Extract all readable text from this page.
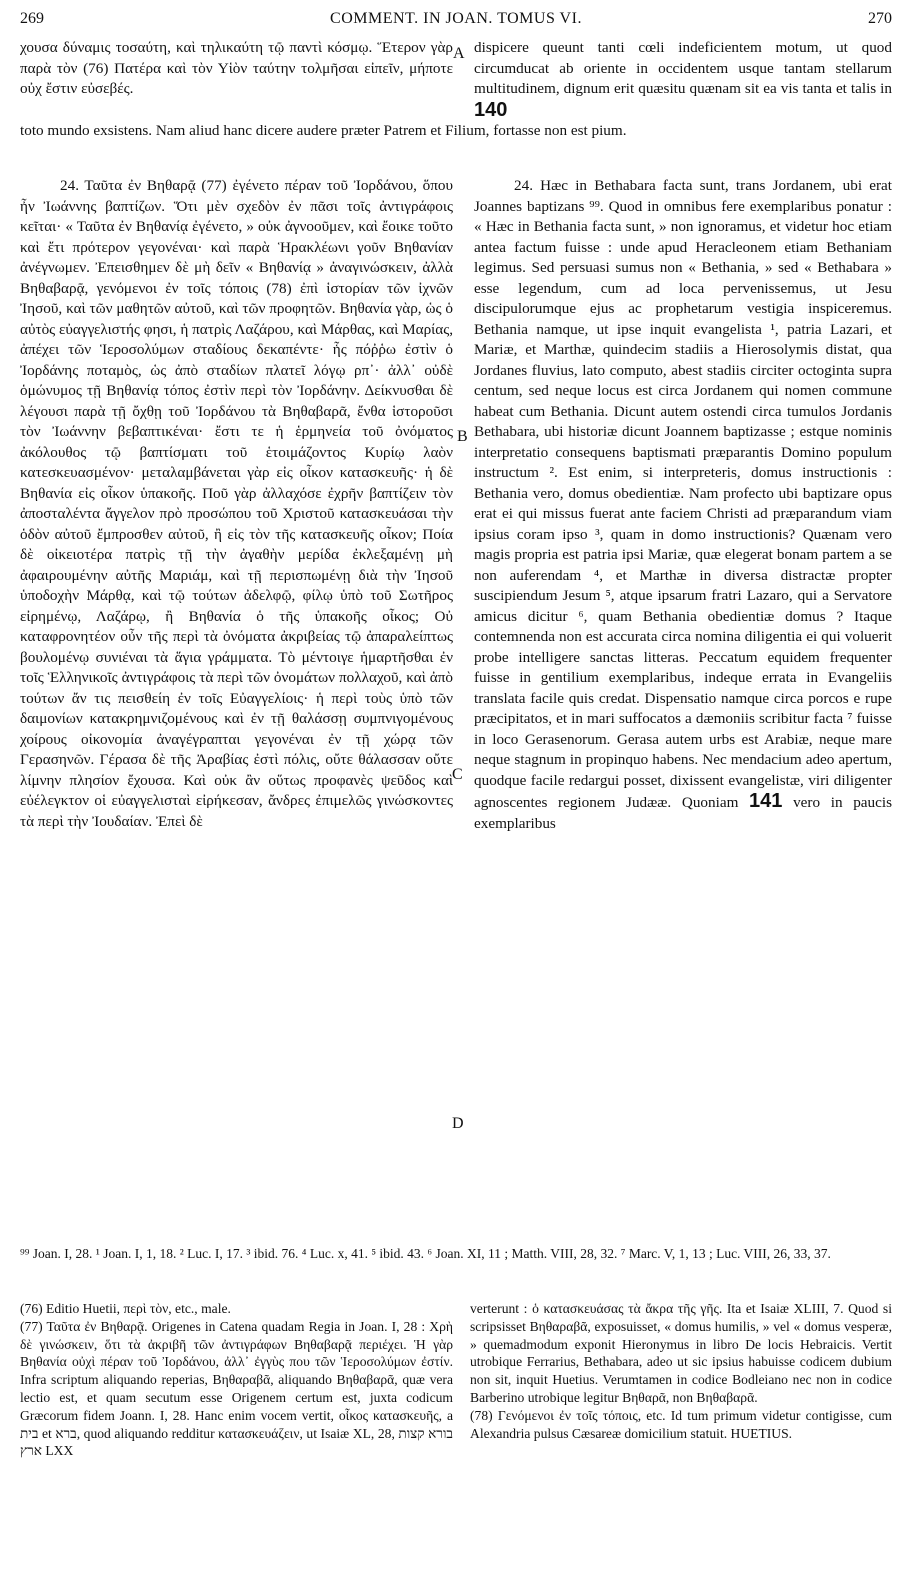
269	COMMENT. IN JOAN. TOMUS VI.	270

χουσα δύναμις τοσαύτη, καὶ τηλικαύτη τῷ παντὶ κόσμῳ. Ἕτερον γὰρ παρὰ τὸν (76) Πατέρα καὶ τὸν Υἱὸν ταύτην τολμῆσαι εἰπεῖν, μήποτε οὐχ ἔστιν εὐσεβές.

A dispicere queunt tanti cœli indeficientem motum, ut quod circumducat ab oriente in occidentem usque tantam stellarum multitudinem, dignum erit quæsitu quænam sit ea vis tanta et talis in 140

toto mundo exsistens. Nam aliud hanc dicere audere præter Patrem et Filium, fortasse non est pium.

24. Ταῦτα ἐν Βηθαρᾷ (77) ἐγένετο πέραν τοῦ Ἰορδάνου, ὅπου ἦν Ἰωάννης βαπτίζων. Ὅτι μὲν σχεδὸν ἐν πᾶσι τοῖς ἀντιγράφοις κεῖται· « Ταῦτα ἐν Βηθανίᾳ ἐγένετο, » οὐκ ἀγνοοῦμεν, καὶ ἔοικε τοῦτο καὶ ἔτι πρότερον γεγονέναι· καὶ παρὰ Ἡρακλέωνι γοῦν Βηθανίαν ἀνέγνωμεν. Ἐπεισθημεν δὲ μὴ δεῖν « Βηθανίᾳ » ἀναγινώσκειν, ἀλλὰ Βηθαβαρᾷ, γενόμενοι ἐν τοῖς τόποις (78) ἐπὶ ἱστορίαν τῶν ἰχνῶν Ἰησοῦ, καὶ τῶν μαθητῶν αὐτοῦ, καὶ τῶν προφητῶν. Βηθανία γὰρ, ὡς ὁ αὐτὸς εὐαγγελιστής φησι, ἡ πατρὶς Λαζάρου, καὶ Μάρθας, καὶ Μαρίας, ἀπέχει τῶν Ἱεροσολύμων σταδίους δεκαπέντε· ἧς πόῤῥω ἐστὶν ὁ Ἰορδάνης ποταμὸς, ὡς ἀπὸ σταδίων πλατεῖ λόγῳ ρπ᾽· ἀλλ᾽ οὐδὲ ὁμώνυμος τῇ Βηθανίᾳ τόπος ἐστὶν περὶ τὸν Ἰορδάνην. Δείκνυσθαι δὲ λέγουσι παρὰ τῇ ὄχθῃ τοῦ Ἰορδάνου τὰ Βηθαβαρᾶ, ἔνθα ἱστοροῦσι τὸν Ἰωάννην βεβαπτικέναι· ἔστι τε ἡ ἑρμηνεία τοῦ ὀνόματος ἀκόλουθος τῷ βαπτίσματι τοῦ ἑτοιμάζοντος Κυρίῳ λαὸν κατεσκευασμένον· μεταλαμβάνεται γὰρ εἰς οἶκον κατασκευῆς· ἡ δὲ Βηθανία εἰς οἶκον ὑπακοῆς. Ποῦ γὰρ ἀλλαχόσε ἐχρῆν βαπτίζειν τὸν ἀποσταλέντα ἄγγελον πρὸ προσώπου τοῦ Χριστοῦ κατασκευάσαι τὴν ὁδὸν αὐτοῦ ἔμπροσθεν αὐτοῦ, ἢ εἰς τὸν τῆς κατασκευῆς οἶκον; Ποία δὲ οἰκειοτέρα πατρὶς τῇ τὴν ἀγαθὴν μερίδα ἐκλεξαμένῃ μὴ ἀφαιρουμένην αὐτῆς Μαριάμ, καὶ τῇ περισπωμένῃ διὰ τὴν Ἰησοῦ ὑποδοχὴν Μάρθᾳ, καὶ τῷ τούτων ἀδελφῷ, φίλῳ ὑπὸ τοῦ Σωτῆρος εἰρημένῳ, Λαζάρῳ, ἢ Βηθανία ὁ τῆς ὑπακοῆς οἶκος; Οὐ καταφρονητέον οὖν τῆς περὶ τὰ ὀνόματα ἀκριβείας τῷ ἀπαραλείπτως βουλομένῳ συνιέναι τὰ ἅγια γράμματα. Τὸ μέντοιγε ἡμαρτῆσθαι ἐν τοῖς Ἑλληνικοῖς ἀντιγράφοις τὰ περὶ τῶν ὀνομάτων πολλαχοῦ, καὶ ἀπὸ τούτων ἄν τις πεισθείη ἐν τοῖς Εὐαγγελίοις· ἡ περὶ τοὺς ὑπὸ τῶν δαιμονίων κατακρημνιζομένους καὶ ἐν τῇ θαλάσσῃ συμπνιγομένους χοίρους οἰκονομία ἀναγέγραπται γεγονέναι ἐν τῇ χώρᾳ τῶν Γερασηνῶν. Γέρασα δὲ τῆς Ἀραβίας ἐστὶ πόλις, οὔτε θάλασσαν οὔτε λίμνην πλησίον ἔχουσα. Καὶ οὐκ ἂν οὕτως προφανὲς ψεῦδος καὶ εὐέλεγκτον οἱ εὐαγγελισταὶ εἰρήκεσαν, ἄνδρες ἐπιμελῶς γινώσκοντες τὰ περὶ τὴν Ἰουδαίαν. Ἐπεὶ δὲ

B
C
D

24. Hæc in Bethabara facta sunt, trans Jordanem, ubi erat Joannes baptizans ⁹⁹. Quod in omnibus fere exemplaribus ponatur : « Hæc in Bethania facta sunt, » non ignoramus, et videtur hoc etiam antea factum fuisse : unde apud Heracleonem etiam Bethaniam legimus. Sed persuasi sumus non « Bethania, » sed « Bethabara » esse legendum, cum ad loca pervenissemus, ut Jesu discipulorumque ejus ac prophetarum vestigia inspiceremus. Bethania namque, ut ipse inquit evangelista ¹, patria Lazari, et Mariæ, et Marthæ, quindecim stadiis a Hierosolymis distat, qua Jordanes fluvius, lato computo, abest stadiis circiter octoginta supra centum, sed neque locus est circa Jordanem qui nomen commune habeat cum Bethania. Dicunt autem ostendi circa tumulos Jordanis Bethabara, ubi historiæ dicunt Joannem baptizasse ; estque nominis interpretatio consequens baptismati præparantis Domino populum instructum ². Est enim, si interpreteris, domus instructionis : Bethania vero, domus obedientiæ. Nam profecto ubi baptizare opus erat ei qui missus fuerat ante faciem Christi ad præparandum viam ipsius coram ipso ³, quam in domo instructionis? Quænam vero magis propria est patria ipsi Mariæ, quæ elegerat bonam partem a se non auferendam ⁴, et Marthæ in diversa distractæ propter suscipiendum Jesum ⁵, atque ipsarum fratri Lazaro, qui a Servatore amicus dicitur ⁶, quam Bethania obedientiæ domus ? Itaque contemnenda non est accurata circa nomina diligentia ei qui voluerit probe intelligere sanctas litteras. Peccatum equidem frequenter fuisse in gentilium exemplaribus, indeque errata in Evangeliis translata facile quis credat. Dispensatio namque circa porcos e rupe præcipitatos, et in mari suffocatos a dæmoniis scribitur facta ⁷ fuisse in loco Gerasenorum. Gerasa autem urbs est Arabiæ, neque mare neque stagnum in propinquo habens. Nec mendacium adeo apertum, quodque facile redargui posset, dixissent evangelistæ, viri diligenter agnoscentes regionem Judææ. Quoniam 141 vero in paucis exemplaribus

⁹⁹ Joan. I, 28. ¹ Joan. I, 1, 18. ² Luc. I, 17. ³ ibid. 76. ⁴ Luc. x, 41. ⁵ ibid. 43. ⁶ Joan. XI, 11 ; Matth. VIII, 28, 32. ⁷ Marc. V, 1, 13 ; Luc. VIII, 26, 33, 37.

(76) Editio Huetii, περὶ τὸν, etc., male.

(77) Ταῦτα ἐν Βηθαρᾷ. Origenes in Catena quadam Regia in Joan. I, 28 : Χρὴ δὲ γινώσκειν, ὅτι τὰ ἀκριβῆ τῶν ἀντιγράφων Βηθαβαρᾷ περιέχει. Ἡ γὰρ Βηθανία οὐχὶ πέραν τοῦ Ἰορδάνου, ἀλλ᾽ ἐγγὺς που τῶν Ἱεροσολύμων ἐστίν. Infra scriptum aliquando reperias, Βηθαραβᾶ, aliquando Βηθαβαρᾶ, quæ vera lectio est, et quam secutum esse Origenem certum est, juxta codicum Græcorum fidem Joann. I, 28. Hanc enim vocem vertit, οἶκος κατασκευῆς, a בית et ברא, quod aliquando redditur κατασκευάζειν, ut Isaiæ XL, 28, בורא קצות ארץ LXX

verterunt : ὁ κατασκευάσας τὰ ἄκρα τῆς γῆς. Ita et Isaiæ XLIII, 7. Quod si scripsisset Βηθαραβᾶ, exposuisset, « domus humilis, » vel « domus vesperæ, » quemadmodum exponit Hieronymus in libro De locis Hebraicis. Vertit utrobique Ferrarius, Bethabara, adeo ut sic ipsius habuisse codicem dubium non sit, inquit Huetius. Verumtamen in codice Bodleiano nec non in codice Barberino utrobique legitur Βηθαρᾶ, non Βηθαβαρᾶ.

(78) Γενόμενοι ἐν τοῖς τόποις, etc. Id tum primum videtur contigisse, cum Alexandria pulsus Cæsareæ domicilium statuit. HUETIUS.
